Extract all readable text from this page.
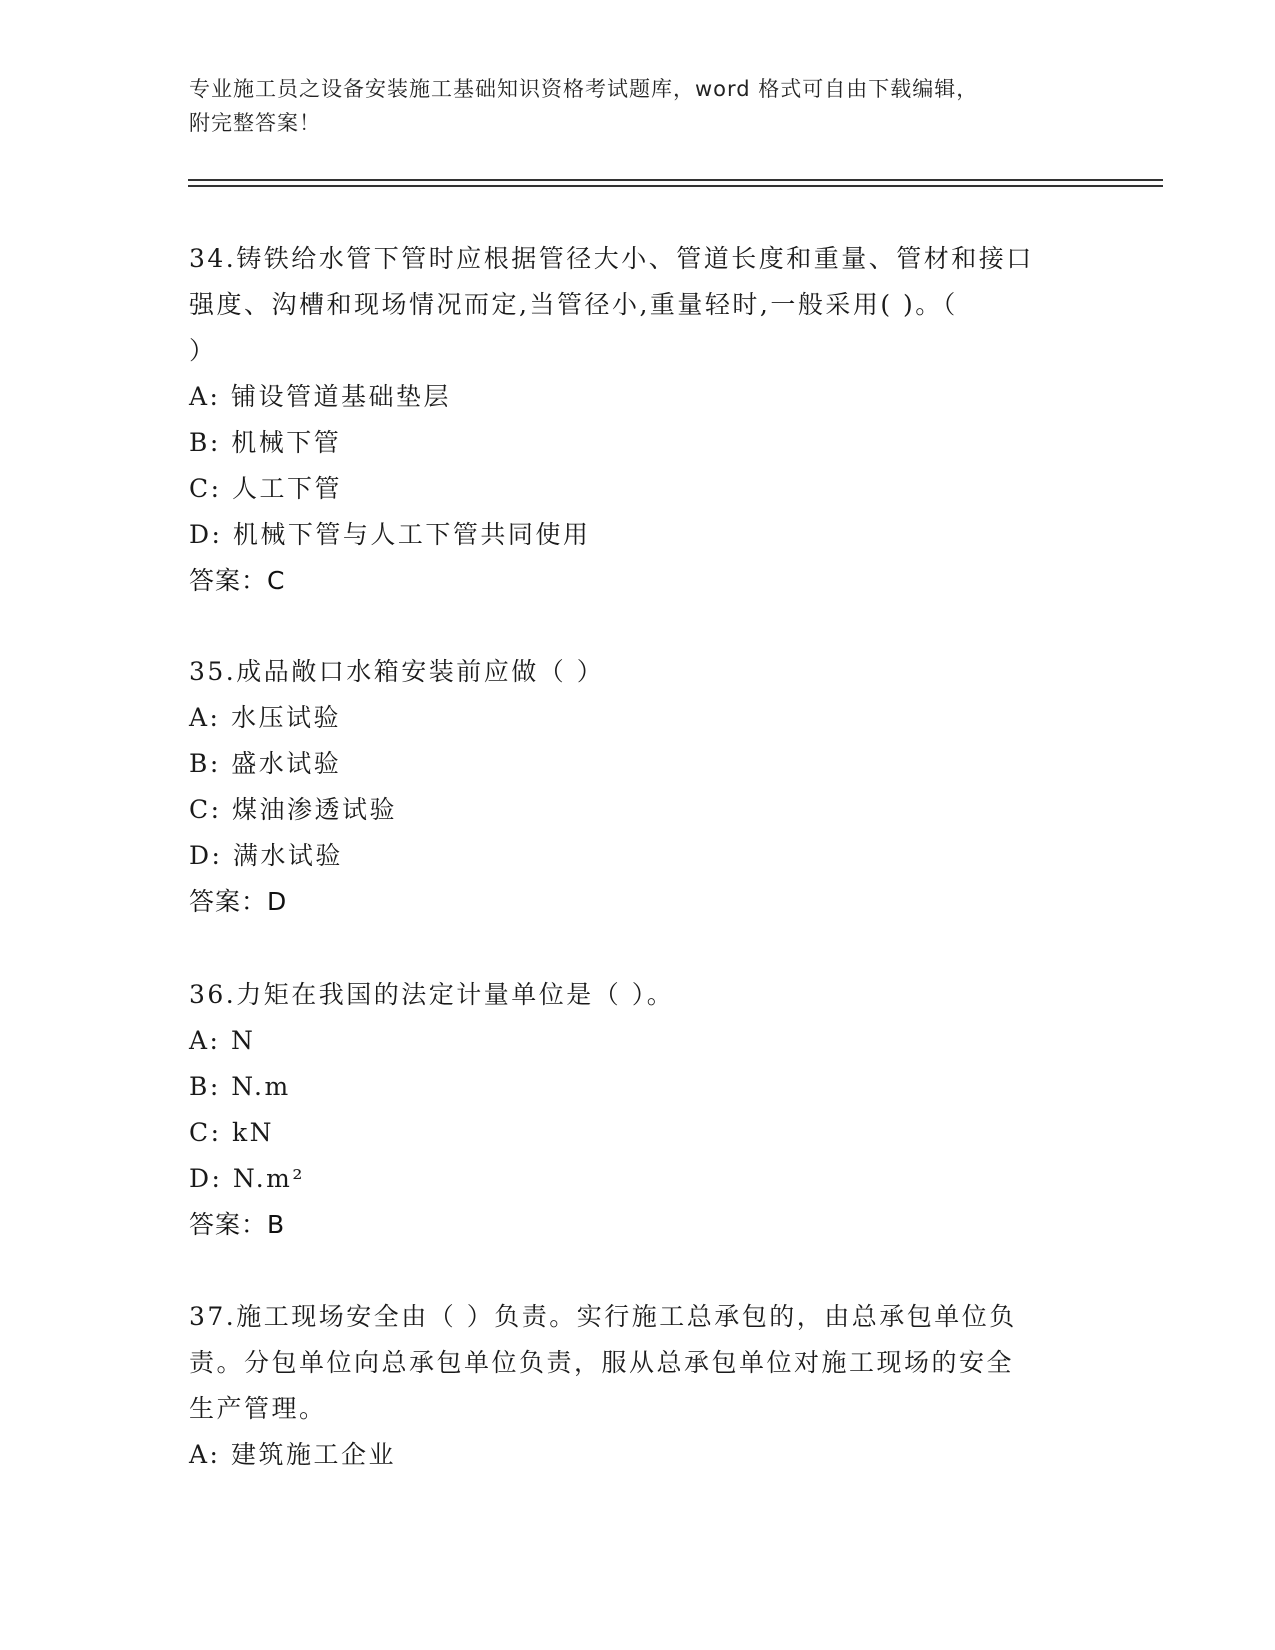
专业施工员之设备安装施工基础知识资格考试题库，word 格式可自由下载编辑，
附完整答案！

34.铸铁给水管下管时应根据管径大小、管道长度和重量、管材和接口

强度、沟槽和现场情况而定,当管径小,重量轻时,一般采用( )。（

）

A: 铺设管道基础垫层

B: 机械下管

C: 人工下管

D: 机械下管与人工下管共同使用

答案：C

35.成品敞口水箱安装前应做（ ）

A: 水压试验

B: 盛水试验

C: 煤油渗透试验

D: 满水试验

答案：D

36.力矩在我国的法定计量单位是（ ）。

A: N

B: N.m

C: kN

D: N.m²

答案：B

37.施工现场安全由（ ）负责。实行施工总承包的，由总承包单位负

责。分包单位向总承包单位负责，服从总承包单位对施工现场的安全

生产管理。

A: 建筑施工企业
